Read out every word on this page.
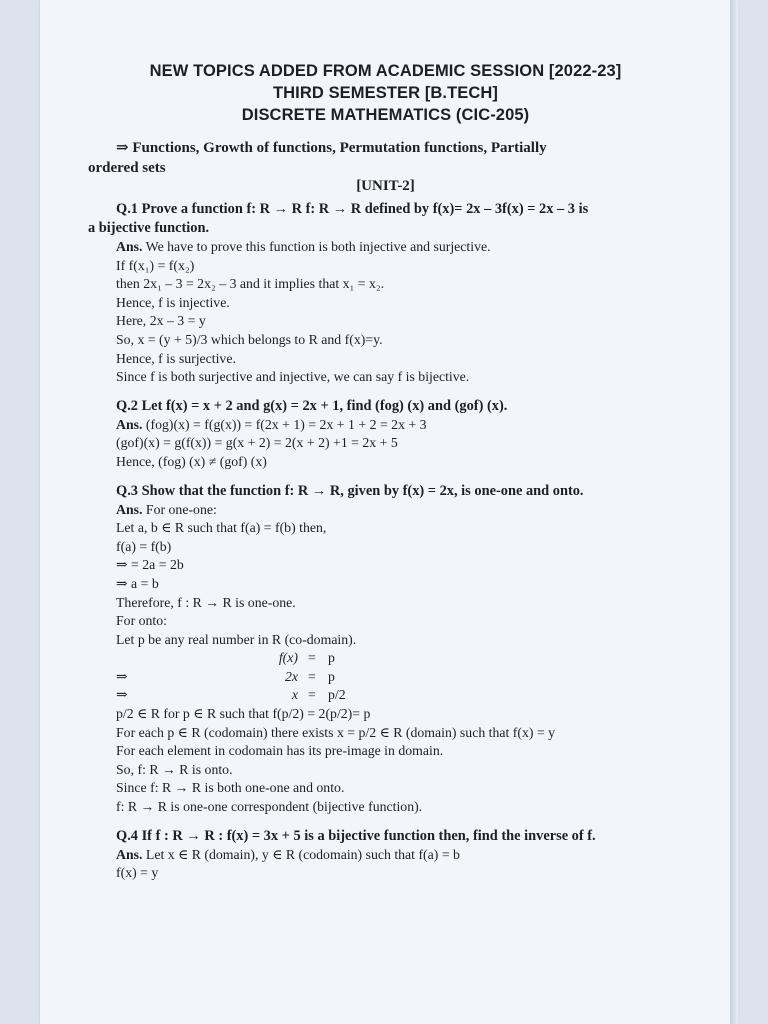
NEW TOPICS ADDED FROM ACADEMIC SESSION [2022-23]
THIRD SEMESTER [B.TECH]
DISCRETE MATHEMATICS (CIC-205)
⇒ Functions, Growth of functions, Permutation functions, Partially
ordered sets
[UNIT-2]
Q.1 Prove a function f: R → R f: R → R defined by f(x)= 2x – 3f(x) = 2x – 3 is
a bijective function.
Ans. We have to prove this function is both injective and surjective.
If f(x₁) = f(x₂)
then 2x₁ – 3 = 2x₂ – 3 and it implies that x₁ = x₂.
Hence, f is injective.
Here, 2x – 3 = y
So, x = (y + 5)/3 which belongs to R and f(x)=y.
Hence, f is surjective.
Since f is both surjective and injective, we can say f is bijective.
Q.2 Let f(x) = x + 2 and g(x) = 2x + 1, find (fog) (x) and (gof) (x).
Ans. (fog)(x) = f(g(x)) = f(2x + 1) = 2x + 1 + 2 = 2x + 3
(gof)(x) = g(f(x)) = g(x + 2) = 2(x + 2) +1 = 2x + 5
Hence, (fog) (x) ≠ (gof) (x)
Q.3 Show that the function f: R → R, given by f(x) = 2x, is one-one and onto.
Ans. For one-one:
Let a, b ∈ R such that f(a) = f(b) then,
f(a) = f(b)
⇒ = 2a = 2b
⇒ a = b
Therefore, f : R → R is one-one.
For onto:
Let p be any real number in R (co-domain).
f(x) = p
⇒	2x = p
⇒	x = p/2
p/2 ∈ R for p ∈ R such that f(p/2) = 2(p/2)= p
For each p ∈ R (codomain) there exists x = p/2 ∈ R (domain) such that f(x) = y
For each element in codomain has its pre-image in domain.
So, f: R → R is onto.
Since f: R → R is both one-one and onto.
f: R → R is one-one correspondent (bijective function).
Q.4 If f : R → R : f(x) = 3x + 5 is a bijective function then, find the inverse of f.
Ans. Let x ∈ R (domain), y ∈ R (codomain) such that f(a) = b
f(x) = y
